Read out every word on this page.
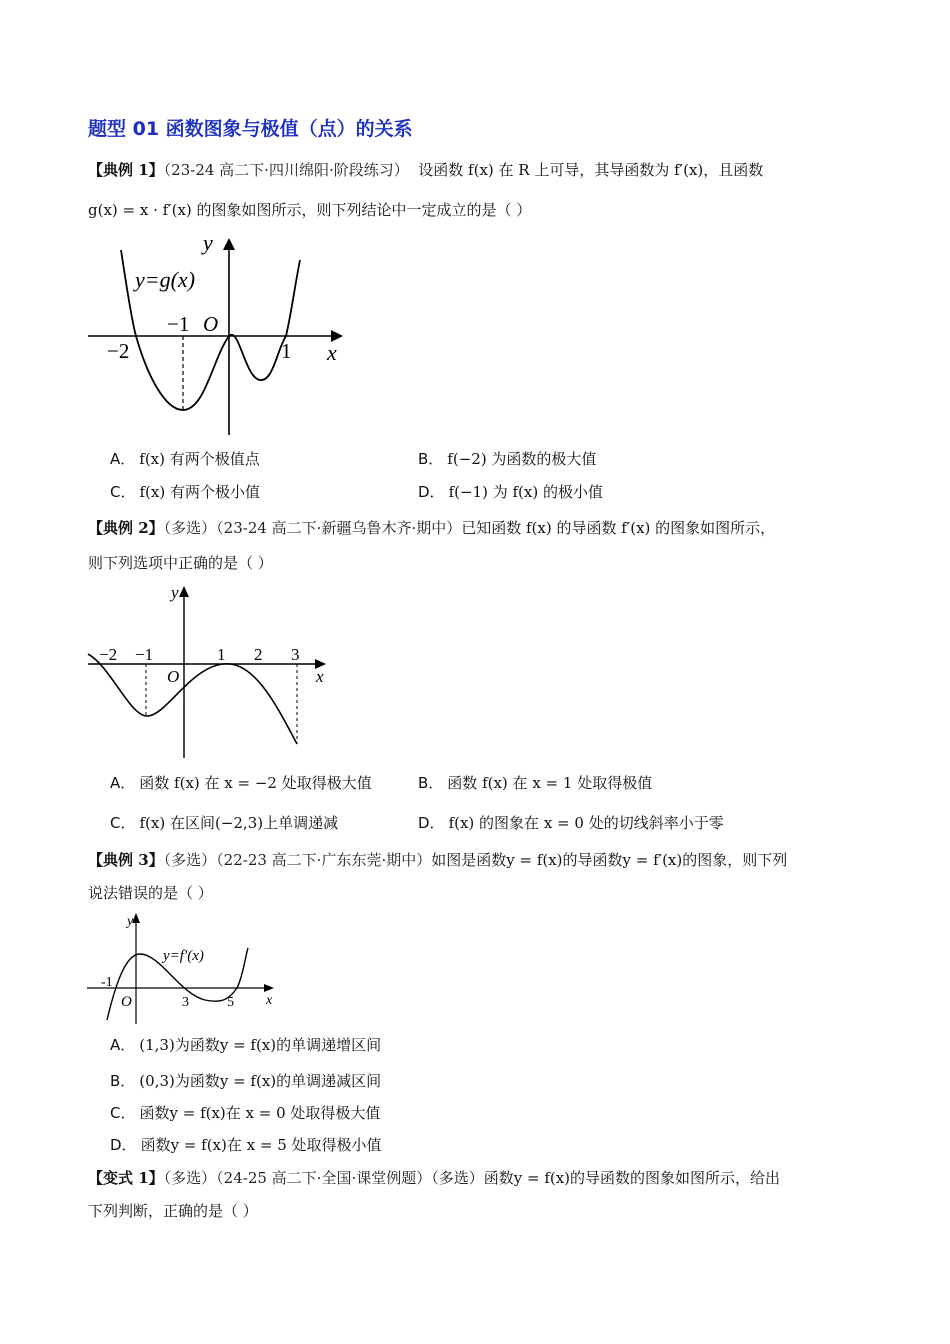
题型 01 函数图象与极值（点）的关系
【典例 1】（23-24 高二下·四川绵阳·阶段练习） 设函数 f(x) 在 R 上可导，其导函数为 f′(x)，且函数
g(x) = x · f′(x) 的图象如图所示，则下列结论中一定成立的是（ ）
y=g(x)
y
x
O
−2
−1
1
A． f(x) 有两个极值点	B． f(−2) 为函数的极大值
C． f(x) 有两个极小值	D． f(−1) 为 f(x) 的极小值
【典例 2】（多选）（23-24 高二下·新疆乌鲁木齐·期中）已知函数 f(x) 的导函数 f′(x) 的图象如图所示，
则下列选项中正确的是（ ）
y
x
O
−2 −1	1 2 3
A． 函数 f(x) 在 x = −2 处取得极大值	B． 函数 f(x) 在 x = 1 处取得极值
C． f(x) 在区间(−2,3)上单调递减	D． f(x) 的图象在 x = 0 处的切线斜率小于零
【典例 3】（多选）（22-23 高二下·广东东莞·期中）如图是函数y = f(x)的导函数y = f′(x)的图象，则下列
说法错误的是（ ）
y
x
y=f′(x)
O
-1
3	5
A． (1,3)为函数y = f(x)的单调递增区间
B． (0,3)为函数y = f(x)的单调递减区间
C． 函数y = f(x)在 x = 0 处取得极大值
D． 函数y = f(x)在 x = 5 处取得极小值
【变式 1】（多选）（24-25 高二下·全国·课堂例题）（多选）函数y = f(x)的导函数的图象如图所示，给出
下列判断，正确的是（ ）
